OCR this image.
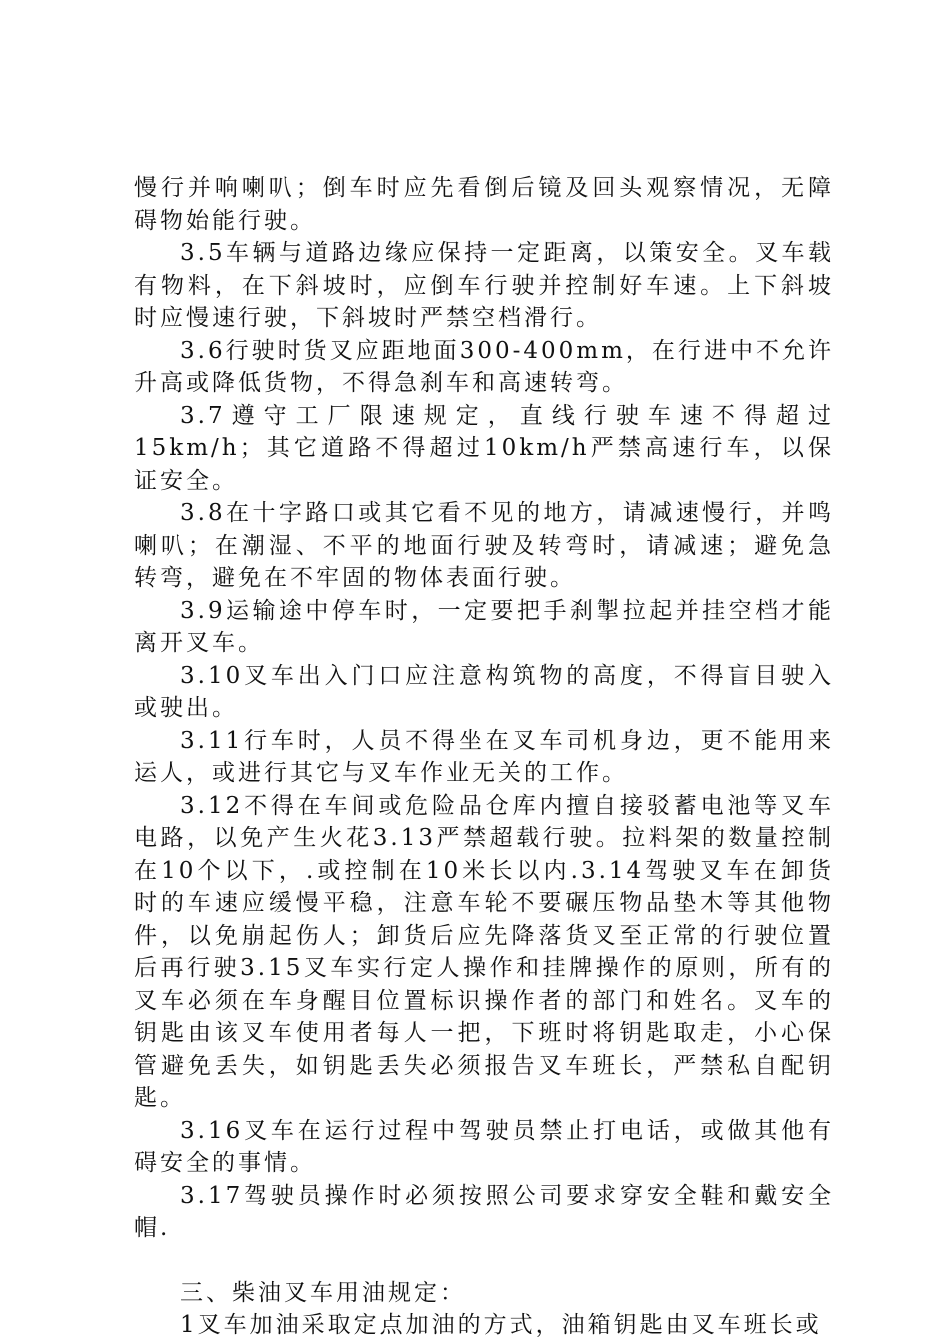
慢行并响喇叭；倒车时应先看倒后镜及回头观察情况，无障碍物始能行驶。

3.5车辆与道路边缘应保持一定距离，以策安全。叉车载有物料，在下斜坡时，应倒车行驶并控制好车速。上下斜坡时应慢速行驶，下斜坡时严禁空档滑行。

3.6行驶时货叉应距地面300-400mm，在行进中不允许升高或降低货物，不得急刹车和高速转弯。

3.7遵守工厂限速规定，直线行驶车速不得超过15km/h；其它道路不得超过10km/h严禁高速行车，以保证安全。

3.8在十字路口或其它看不见的地方，请减速慢行，并鸣喇叭；在潮湿、不平的地面行驶及转弯时，请减速；避免急转弯，避免在不牢固的物体表面行驶。

3.9运输途中停车时，一定要把手刹掣拉起并挂空档才能离开叉车。

3.10叉车出入门口应注意构筑物的高度，不得盲目驶入或驶出。

3.11行车时，人员不得坐在叉车司机身边，更不能用来运人，或进行其它与叉车作业无关的工作。

3.12不得在车间或危险品仓库内擅自接驳蓄电池等叉车电路，以免产生火花3.13严禁超载行驶。拉料架的数量控制在10个以下，.或控制在10米长以内.3.14驾驶叉车在卸货时的车速应缓慢平稳，注意车轮不要碾压物品垫木等其他物件，以免崩起伤人；卸货后应先降落货叉至正常的行驶位置后再行驶3.15叉车实行定人操作和挂牌操作的原则，所有的叉车必须在车身醒目位置标识操作者的部门和姓名。叉车的钥匙由该叉车使用者每人一把，下班时将钥匙取走，小心保管避免丢失，如钥匙丢失必须报告叉车班长，严禁私自配钥匙。

3.16叉车在运行过程中驾驶员禁止打电话，或做其他有碍安全的事情。

3.17驾驶员操作时必须按照公司要求穿安全鞋和戴安全帽.

三、柴油叉车用油规定：

1叉车加油采取定点加油的方式，油箱钥匙由叉车班长或
